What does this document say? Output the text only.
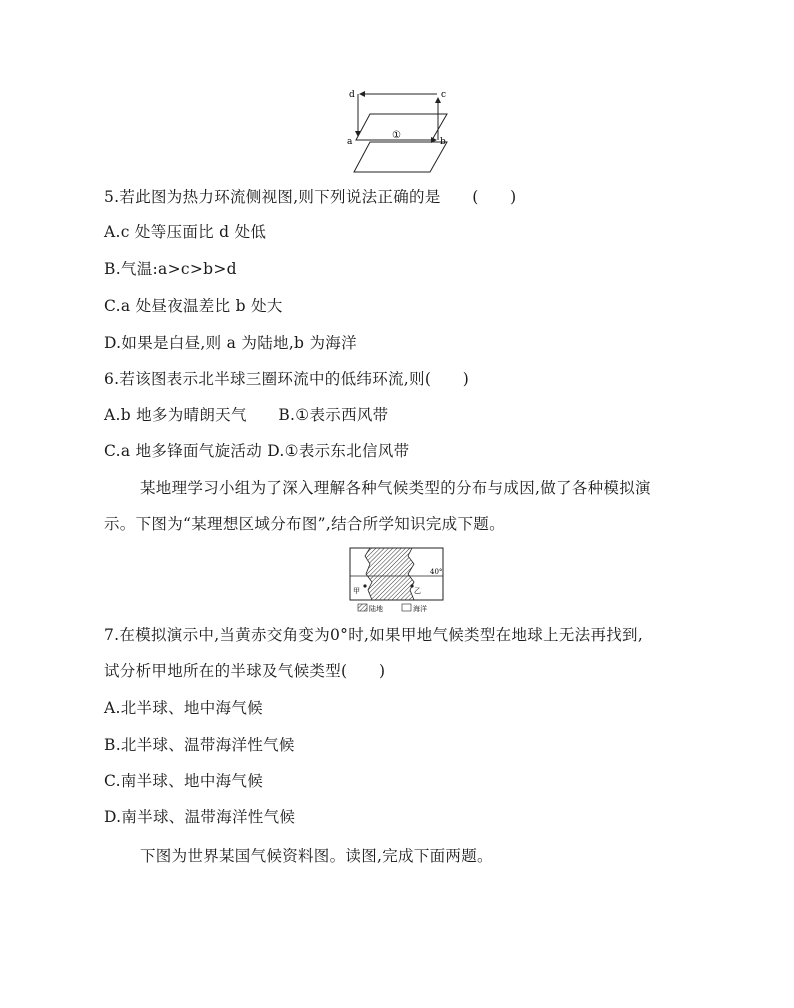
d	c
a	b
①
5.若此图为热力环流侧视图,则下列说法正确的是　　(　　)
A.c 处等压面比 d 处低
B.气温:a>c>b>d
C.a 处昼夜温差比 b 处大
D.如果是白昼,则 a 为陆地,b 为海洋
6.若该图表示北半球三圈环流中的低纬环流,则(　　)
A.b 地多为晴朗天气　　B.①表示西风带
C.a 地多锋面气旋活动 D.①表示东北信风带
某地理学习小组为了深入理解各种气候类型的分布与成因,做了各种模拟演
示。下图为“某理想区域分布图”,结合所学知识完成下题。
40°
甲	乙
陆地	海洋
7.在模拟演示中,当黄赤交角变为0°时,如果甲地气候类型在地球上无法再找到,
试分析甲地所在的半球及气候类型(　　)
A.北半球、地中海气候
B.北半球、温带海洋性气候
C.南半球、地中海气候
D.南半球、温带海洋性气候
下图为世界某国气候资料图。读图,完成下面两题。
